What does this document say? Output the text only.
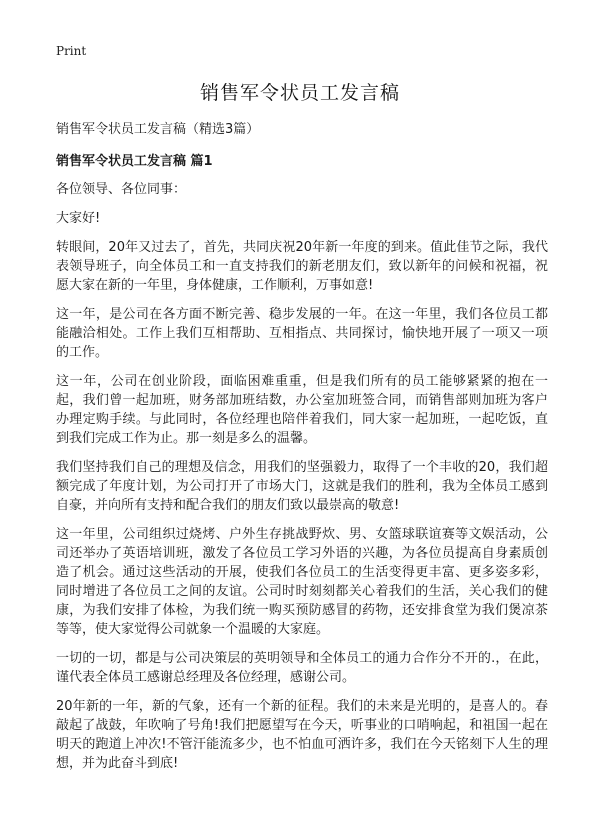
Print
销售军令状员工发言稿
销售军令状员工发言稿（精选3篇）
销售军令状员工发言稿 篇1

各位领导、各位同事：

大家好!

转眼间，20年又过去了，首先，共同庆祝20年新一年度的到来。值此佳节之际，我代表领导班子，向全体员工和一直支持我们的新老朋友们，致以新年的问候和祝福，祝愿大家在新的一年里，身体健康，工作顺利，万事如意!

这一年，是公司在各方面不断完善、稳步发展的一年。在这一年里，我们各位员工都能融洽相处。工作上我们互相帮助、互相指点、共同探讨，愉快地开展了一项又一项的工作。

这一年，公司在创业阶段，面临困难重重，但是我们所有的员工能够紧紧的抱在一起，我们曾一起加班，财务部加班结数，办公室加班签合同，而销售部则加班为客户办理定购手续。与此同时，各位经理也陪伴着我们，同大家一起加班，一起吃饭，直到我们完成工作为止。那一刻是多么的温馨。

我们坚持我们自己的理想及信念，用我们的坚强毅力，取得了一个丰收的20，我们超额完成了年度计划，为公司打开了市场大门，这就是我们的胜利，我为全体员工感到自豪，并向所有支持和配合我们的朋友们致以最崇高的敬意!

这一年里，公司组织过烧烤、户外生存挑战野炊、男、女篮球联谊赛等文娱活动，公司还举办了英语培训班，激发了各位员工学习外语的兴趣，为各位员提高自身素质创造了机会。通过这些活动的开展，使我们各位员工的生活变得更丰富、更多姿多彩，同时增进了各位员工之间的友谊。公司时时刻刻都关心着我们的生活，关心我们的健康，为我们安排了体检，为我们统一购买预防感冒的药物，还安排食堂为我们煲凉茶等等，使大家觉得公司就象一个温暖的大家庭。

一切的一切，都是与公司决策层的英明领导和全体员工的通力合作分不开的.，在此，谨代表全体员工感谢总经理及各位经理，感谢公司。

20年新的一年，新的气象，还有一个新的征程。我们的未来是光明的，是喜人的。春敲起了战鼓，年吹响了号角!我们把愿望写在今天，听事业的口哨响起，和祖国一起在明天的跑道上冲次!不管汗能流多少，也不怕血可洒许多，我们在今天铭刻下人生的理想，并为此奋斗到底!
